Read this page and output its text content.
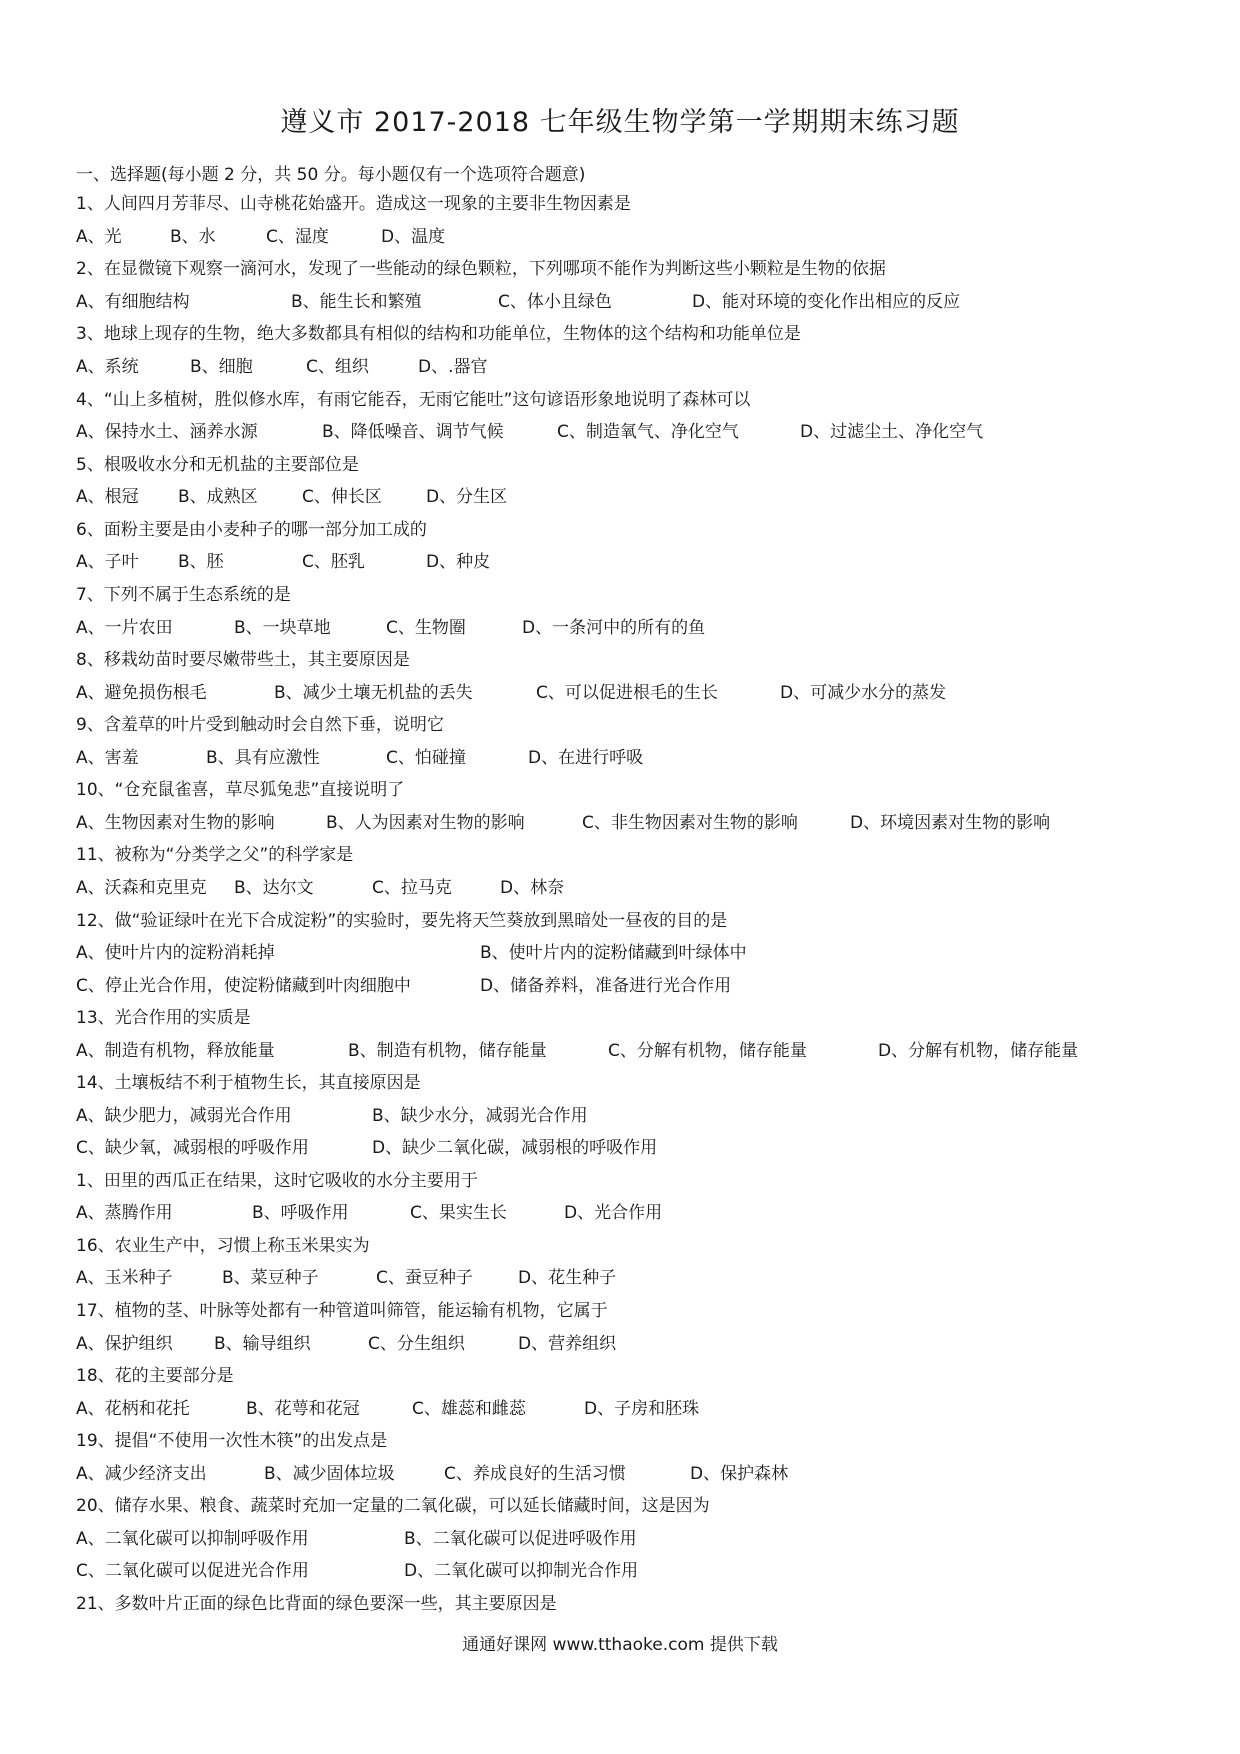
遵义市 2017-2018 七年级生物学第一学期期末练习题
一、选择题(每小题 2 分，共 50 分。每小题仅有一个选项符合题意)
1、人间四月芳菲尽、山寺桃花始盛开。造成这一现象的主要非生物因素是
A、光	B、水	C、湿度	D、温度
2、在显微镜下观察一滴河水，发现了一些能动的绿色颗粒，下列哪项不能作为判断这些小颗粒是生物的依据
A、有细胞结构	B、能生长和繁殖	C、体小且绿色	D、能对环境的变化作出相应的反应
3、地球上现存的生物，绝大多数都具有相似的结构和功能单位，生物体的这个结构和功能单位是
A、系统	B、细胞	C、组织	D、.器官
4、“山上多植树，胜似修水库，有雨它能吞，无雨它能吐”这句谚语形象地说明了森林可以
A、保持水土、涵养水源	B、降低噪音、调节气候	C、制造氧气、净化空气	D、过滤尘土、净化空气
5、根吸收水分和无机盐的主要部位是
A、根冠 B、成熟区	C、伸长区	D、分生区
6、面粉主要是由小麦种子的哪一部分加工成的
A、子叶 B、胚	C、胚乳	D、种皮
7、下列不属于生态系统的是
A、一片农田	B、一块草地	C、生物圈	D、一条河中的所有的鱼
8、移栽幼苗时要尽嫩带些土，其主要原因是
A、避免损伤根毛	B、减少土壤无机盐的丢失	C、可以促进根毛的生长	D、可减少水分的蒸发
9、含羞草的叶片受到触动时会自然下垂，说明它
A、害羞	B、具有应激性	C、怕碰撞	D、在进行呼吸
10、“仓充鼠雀喜，草尽狐兔悲”直接说明了
A、生物因素对生物的影响	B、人为因素对生物的影响	C、非生物因素对生物的影响	D、环境因素对生物的影响
11、被称为“分类学之父”的科学家是
A、沃森和克里克 B、达尔文	C、拉马克	D、林奈
12、做“验证绿叶在光下合成淀粉”的实验时，要先将天竺葵放到黑暗处一昼夜的目的是
A、使叶片内的淀粉消耗掉	B、使叶片内的淀粉储藏到叶绿体中
C、停止光合作用，使淀粉储藏到叶肉细胞中	D、储备养料，准备进行光合作用
13、光合作用的实质是
A、制造有机物，释放能量	B、制造有机物，储存能量	C、分解有机物，储存能量	D、分解有机物，储存能量
14、土壤板结不利于植物生长，其直接原因是
A、缺少肥力，减弱光合作用	B、缺少水分，减弱光合作用
C、缺少氧，减弱根的呼吸作用	D、缺少二氧化碳，减弱根的呼吸作用
1、田里的西瓜正在结果，这时它吸收的水分主要用于
A、蒸腾作用	B、呼吸作用	C、果实生长	D、光合作用
16、农业生产中，习惯上称玉米果实为
A、玉米种子	B、菜豆种子	C、蚕豆种子	D、花生种子
17、植物的茎、叶脉等处都有一种管道叫筛管，能运输有机物，它属于
A、保护组织 B、输导组织	C、分生组织	D、营养组织
18、花的主要部分是
A、花柄和花托	B、花萼和花冠	C、雄蕊和雌蕊	D、子房和胚珠
19、提倡“不使用一次性木筷”的出发点是
A、减少经济支出	B、减少固体垃圾	C、养成良好的生活习惯	D、保护森林
20、储存水果、粮食、蔬菜时充加一定量的二氧化碳，可以延长储藏时间，这是因为
A、二氧化碳可以抑制呼吸作用	B、二氧化碳可以促进呼吸作用
C、二氧化碳可以促进光合作用	D、二氧化碳可以抑制光合作用
21、多数叶片正面的绿色比背面的绿色要深一些，其主要原因是
通通好课网 www.tthaoke.com 提供下载
